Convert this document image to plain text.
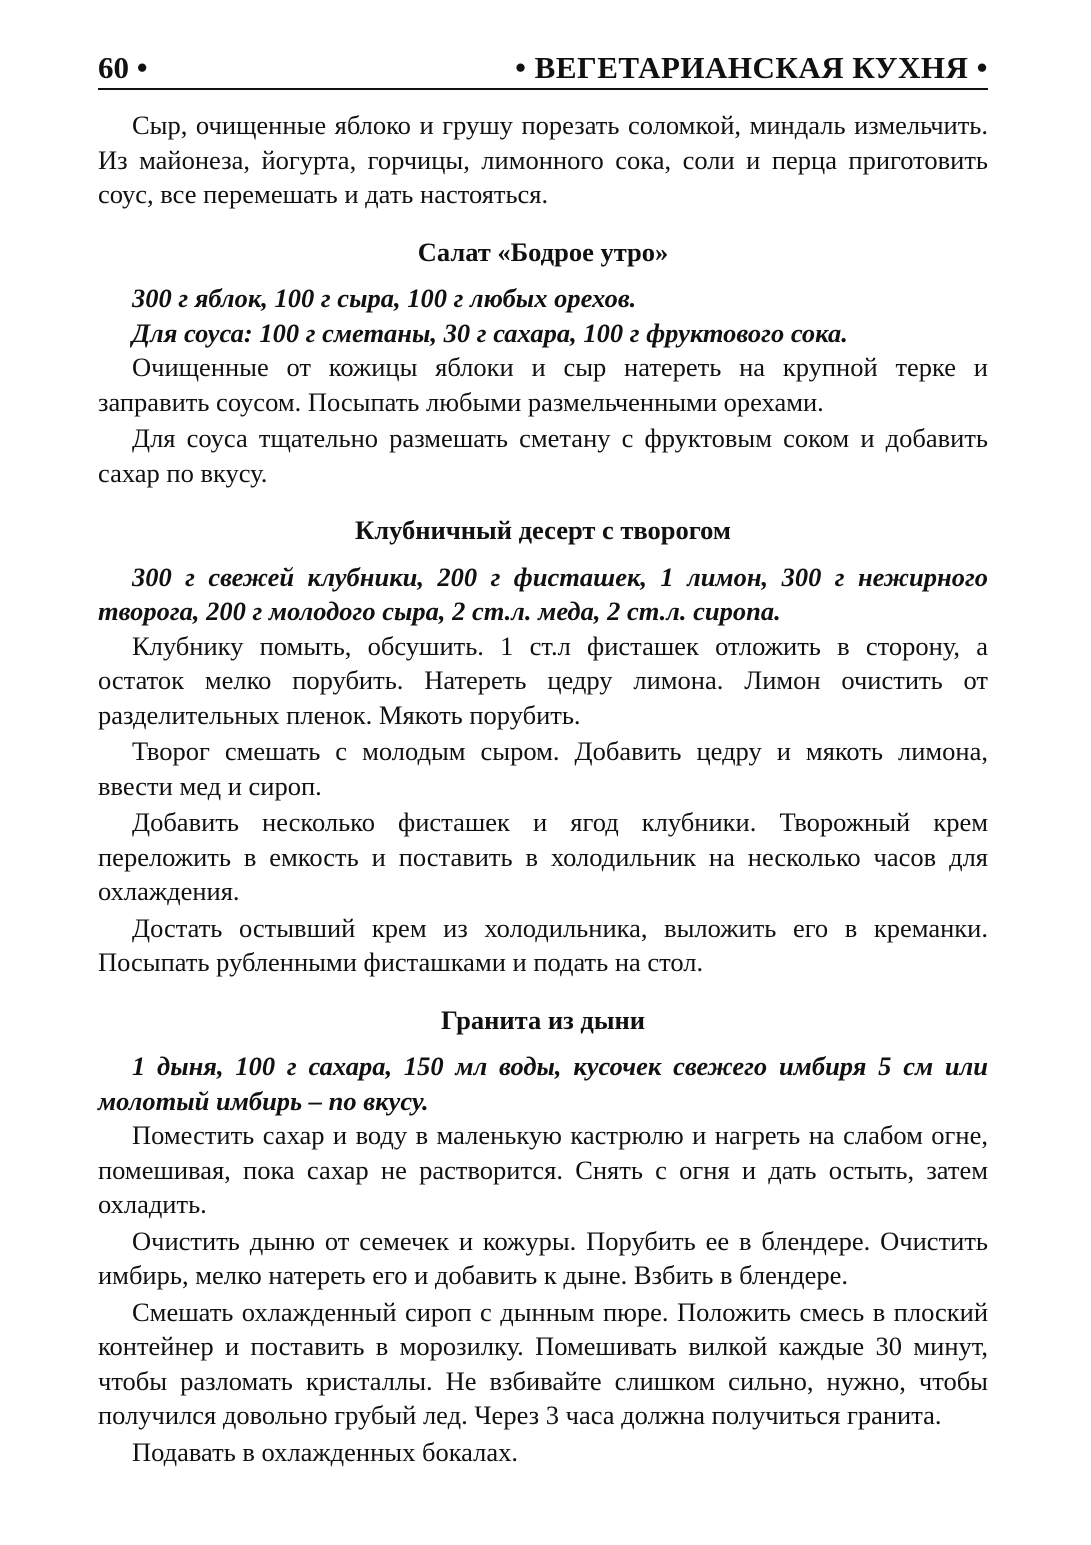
60 •	• ВЕГЕТАРИАНСКАЯ КУХНЯ •

Сыр, очищенные яблоко и грушу порезать соломкой, миндаль измельчить. Из майонеза, йогурта, горчицы, лимонного сока, соли и перца приготовить соус, все перемешать и дать настояться.

Салат «Бодрое утро»

300 г яблок, 100 г сыра, 100 г любых орехов.

Для соуса: 100 г сметаны, 30 г сахара, 100 г фруктового сока.

Очищенные от кожицы яблоки и сыр натереть на крупной терке и заправить соусом. Посыпать любыми размельченными орехами.

Для соуса тщательно размешать сметану с фруктовым соком и добавить сахар по вкусу.

Клубничный десерт с творогом

300 г свежей клубники, 200 г фисташек, 1 лимон, 300 г нежирного творога, 200 г молодого сыра, 2 ст.л. меда, 2 ст.л. сиропа.

Клубнику помыть, обсушить. 1 ст.л фисташек отложить в сторону, а остаток мелко порубить. Натереть цедру лимона. Лимон очистить от разделительных пленок. Мякоть порубить.

Творог смешать с молодым сыром. Добавить цедру и мякоть лимона, ввести мед и сироп.

Добавить несколько фисташек и ягод клубники. Творожный крем переложить в емкость и поставить в холодильник на несколько часов для охлаждения.

Достать остывший крем из холодильника, выложить его в креманки. Посыпать рубленными фисташками и подать на стол.

Гранита из дыни

1 дыня, 100 г сахара, 150 мл воды, кусочек свежего имбиря 5 см или молотый имбирь – по вкусу.

Поместить сахар и воду в маленькую кастрюлю и нагреть на слабом огне, помешивая, пока сахар не растворится. Снять с огня и дать остыть, затем охладить.

Очистить дыню от семечек и кожуры. Порубить ее в блендере. Очистить имбирь, мелко натереть его и добавить к дыне. Взбить в блендере.

Смешать охлажденный сироп с дынным пюре. Положить смесь в плоский контейнер и поставить в морозилку. Помешивать вилкой каждые 30 минут, чтобы разломать кристаллы. Не взбивайте слишком сильно, нужно, чтобы получился довольно грубый лед. Через 3 часа должна получиться гранита.

Подавать в охлажденных бокалах.
